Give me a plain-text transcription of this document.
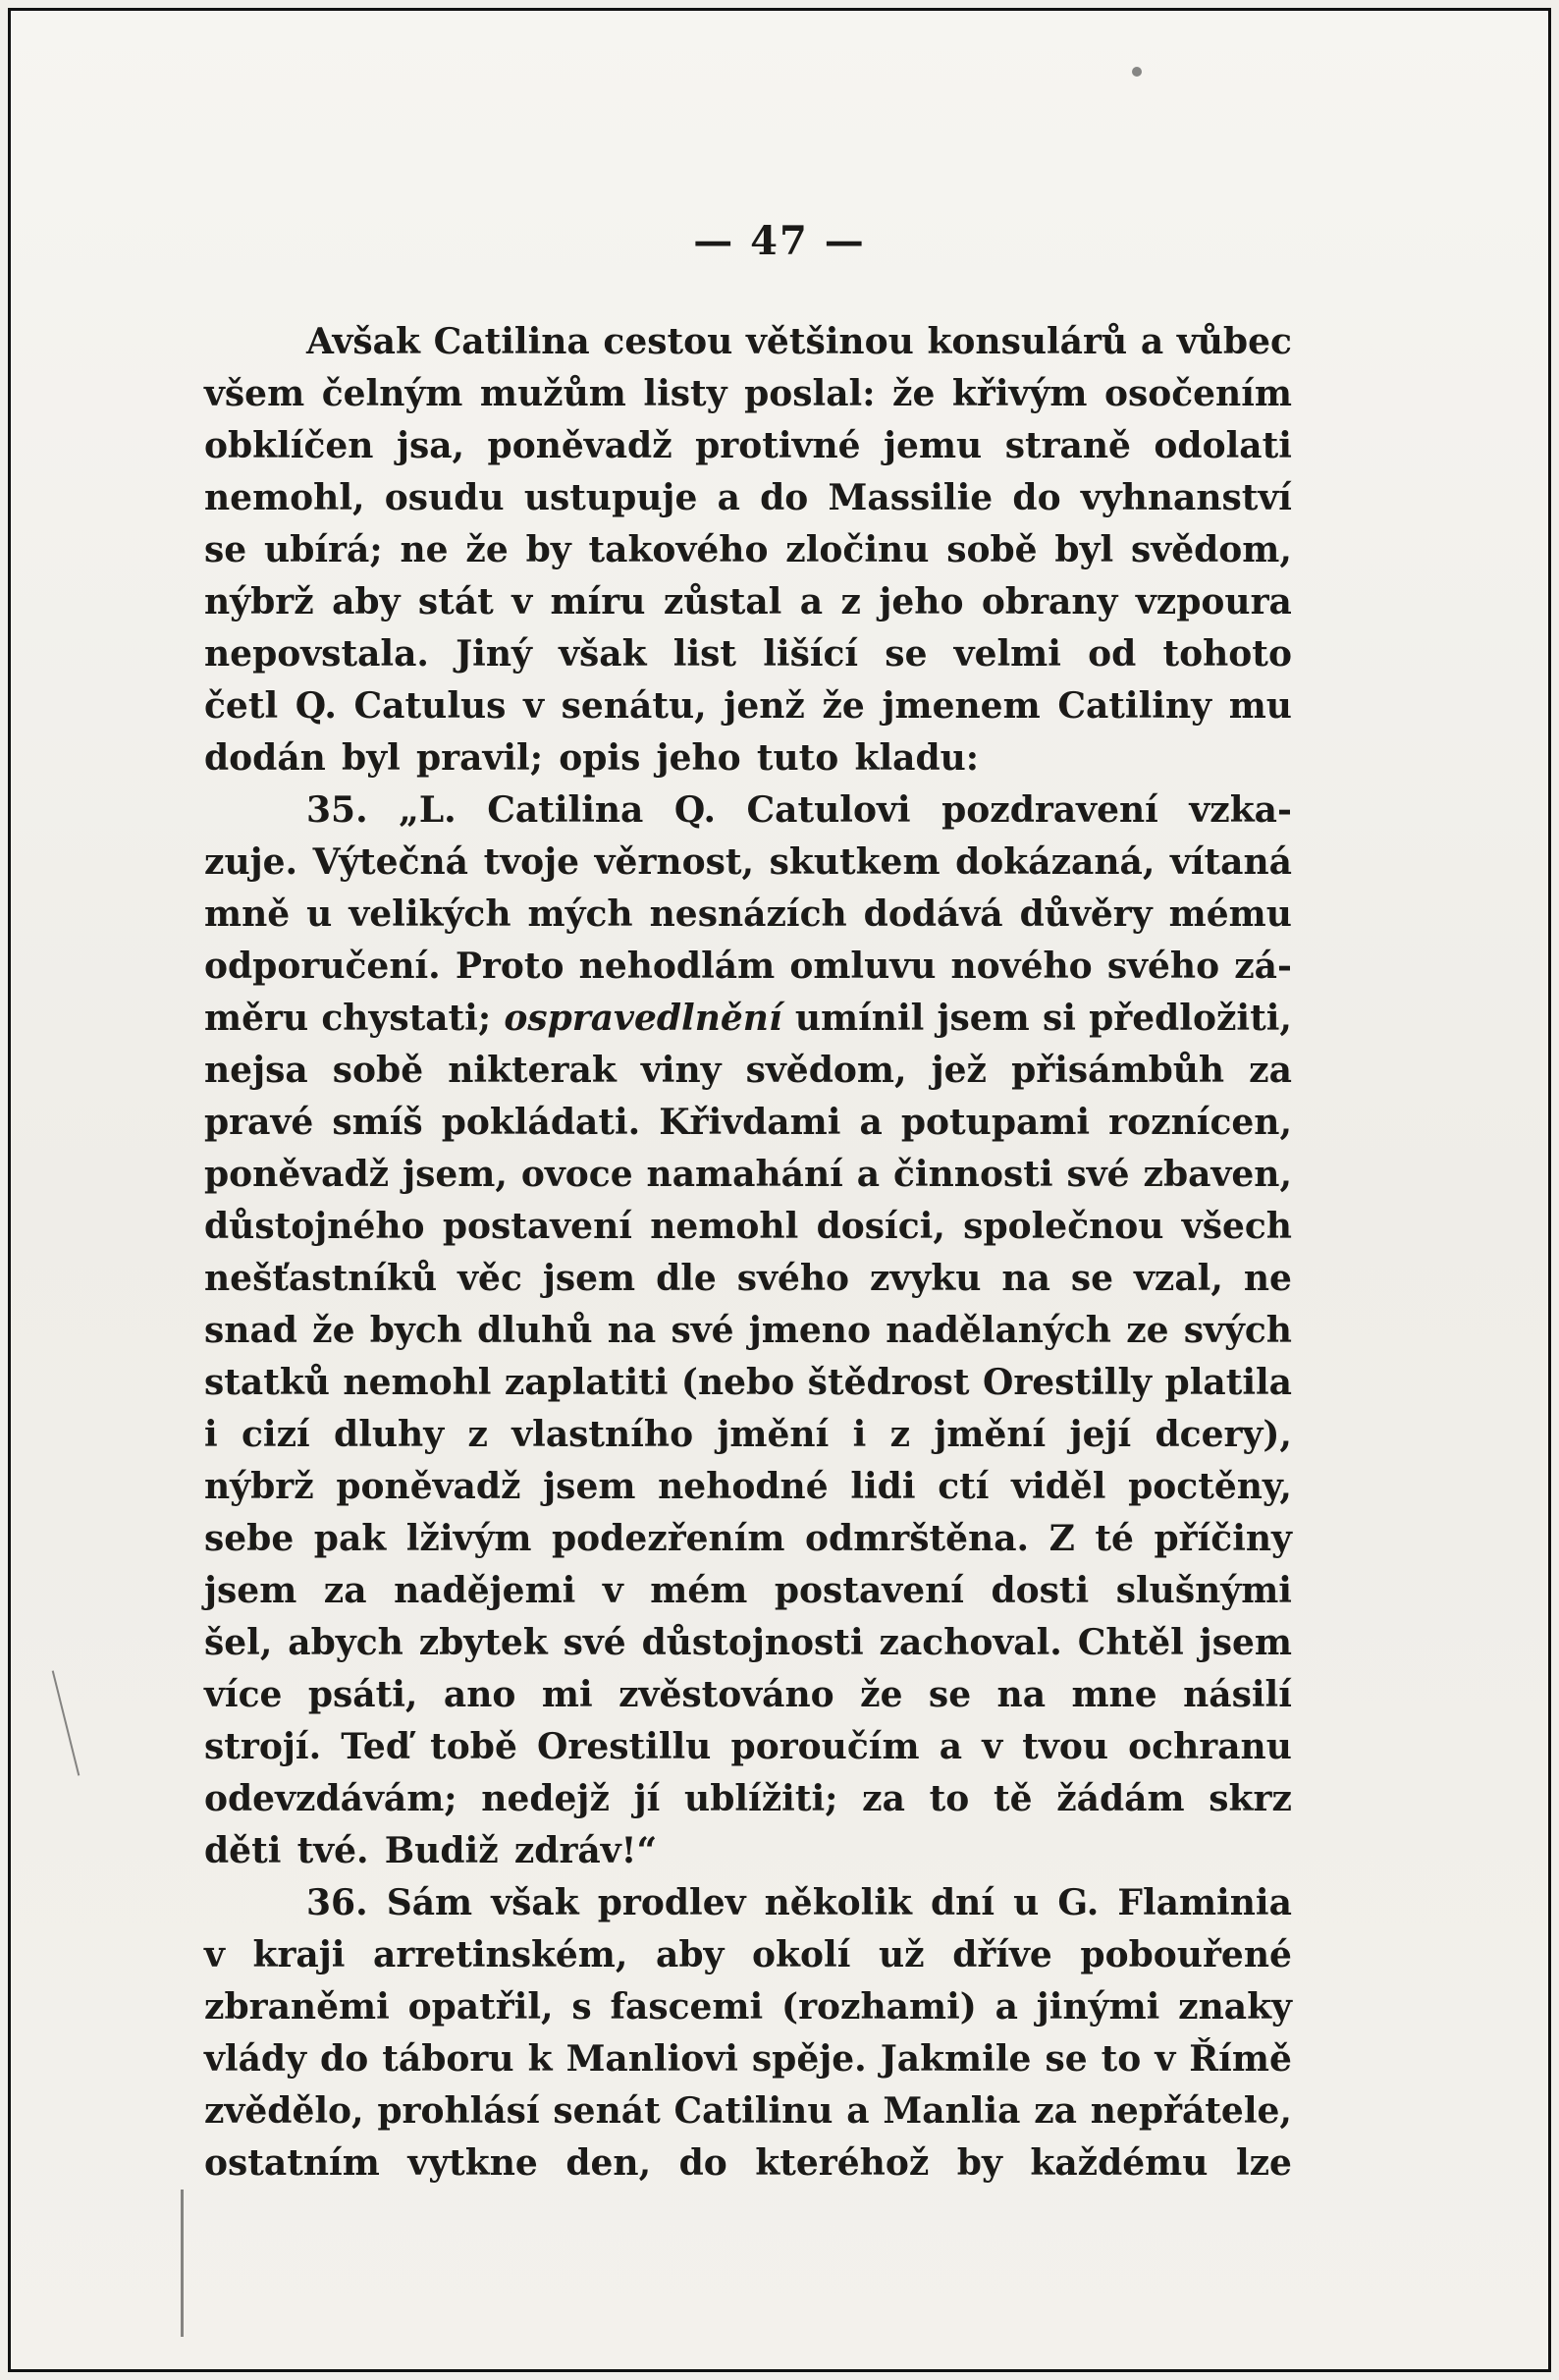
— 47 —
Avšak Catilina cestou většinou konsulárů a vůbec
všem čelným mužům listy poslal: že křivým osočením
obklíčen jsa, poněvadž protivné jemu straně odolati
nemohl, osudu ustupuje a do Massilie do vyhnanství
se ubírá; ne že by takového zločinu sobě byl svědom,
nýbrž aby stát v míru zůstal a z jeho obrany vzpoura
nepovstala. Jiný však list lišící se velmi od tohoto
četl Q. Catulus v senátu, jenž že jmenem Catiliny mu
dodán byl pravil; opis jeho tuto kladu:
35. „L. Catilina Q. Catulovi pozdravení vzka-
zuje. Výtečná tvoje věrnost, skutkem dokázaná, vítaná
mně u velikých mých nesnázích dodává důvěry mému
odporučení. Proto nehodlám omluvu nového svého zá-
měru chystati; ospravedlnění umínil jsem si předložiti,
nejsa sobě nikterak viny svědom, jež přisámbůh za
pravé smíš pokládati. Křivdami a potupami roznícen,
poněvadž jsem, ovoce namahání a činnosti své zbaven,
důstojného postavení nemohl dosíci, společnou všech
nešťastníků věc jsem dle svého zvyku na se vzal, ne
snad že bych dluhů na své jmeno nadělaných ze svých
statků nemohl zaplatiti (nebo štědrost Orestilly platila
i cizí dluhy z vlastního jmění i z jmění její dcery),
nýbrž poněvadž jsem nehodné lidi ctí viděl poctěny,
sebe pak lživým podezřením odmrštěna. Z té příčiny
jsem za nadějemi v mém postavení dosti slušnými
šel, abych zbytek své důstojnosti zachoval. Chtěl jsem
více psáti, ano mi zvěstováno že se na mne násilí
strojí. Teď tobě Orestillu poroučím a v tvou ochranu
odevzdávám; nedejž jí ublížiti; za to tě žádám skrz
děti tvé. Budiž zdráv!“
36. Sám však prodlev několik dní u G. Flaminia
v kraji arretinském, aby okolí už dříve pobouřené
zbraněmi opatřil, s fascemi (rozhami) a jinými znaky
vlády do táboru k Manliovi spěje. Jakmile se to v Římě
zvědělo, prohlásí senát Catilinu a Manlia za nepřátele,
ostatním vytkne den, do kteréhož by každému lze
